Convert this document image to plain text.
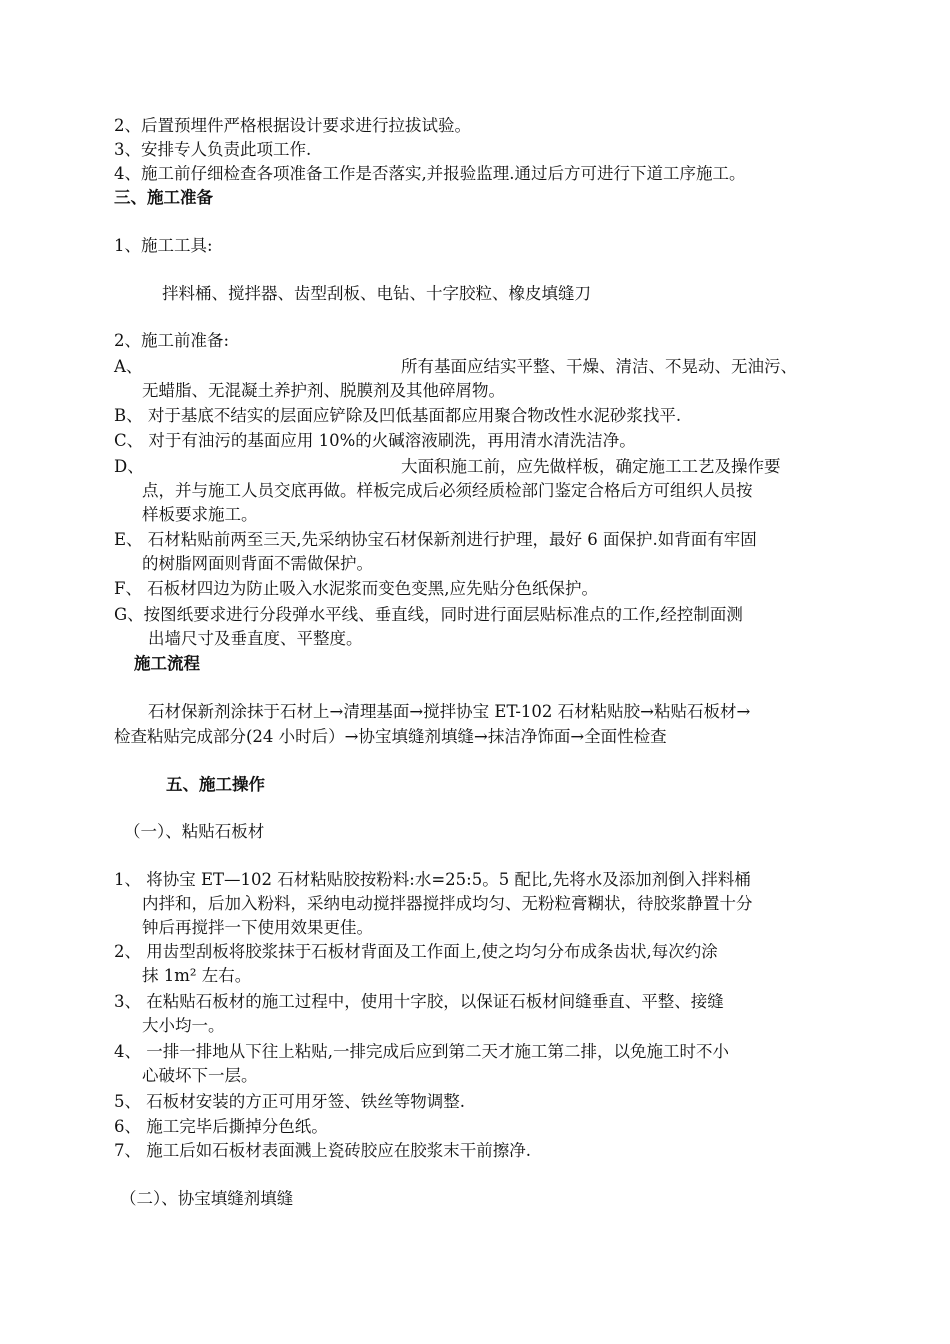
2、后置预埋件严格根据设计要求进行拉拔试验。
3、安排专人负责此项工作.
4、施工前仔细检查各项准备工作是否落实,并报验监理.通过后方可进行下道工序施工。
三、施工准备
1、施工工具:
拌料桶、搅拌器、齿型刮板、电钻、十字胶粒、橡皮填缝刀
2、施工前准备:
A、	所有基面应结实平整、干燥、清洁、不晃动、无油污、
无蜡脂、无混凝土养护剂、脱膜剂及其他碎屑物。
B、 对于基底不结实的层面应铲除及凹低基面都应用聚合物改性水泥砂浆找平.
C、 对于有油污的基面应用 10%的火碱溶液刷洗，再用清水清洗洁净。
D、	大面积施工前，应先做样板，确定施工工艺及操作要
点，并与施工人员交底再做。样板完成后必须经质检部门鉴定合格后方可组织人员按
样板要求施工。
E、 石材粘贴前两至三天,先采纳协宝石材保新剂进行护理，最好 6 面保护.如背面有牢固
的树脂网面则背面不需做保护。
F、 石板材四边为防止吸入水泥浆而变色变黑,应先贴分色纸保护。
G、按图纸要求进行分段弹水平线、垂直线，同时进行面层贴标准点的工作,经控制面测
出墙尺寸及垂直度、平整度。
施工流程
石材保新剂涂抹于石材上→清理基面→搅拌协宝 ET-102 石材粘贴胶→粘贴石板材→
检查粘贴完成部分(24 小时后）→协宝填缝剂填缝→抹洁净饰面→全面性检查
五、施工操作
（一）、粘贴石板材
1、 将协宝 ET—102 石材粘贴胶按粉料:水=25:5。5 配比,先将水及添加剂倒入拌料桶
内拌和，后加入粉料，采纳电动搅拌器搅拌成均匀、无粉粒膏糊状，待胶浆静置十分
钟后再搅拌一下使用效果更佳。
2、 用齿型刮板将胶浆抹于石板材背面及工作面上,使之均匀分布成条齿状,每次约涂
抹 1m² 左右。
3、 在粘贴石板材的施工过程中，使用十字胶，以保证石板材间缝垂直、平整、接缝
大小均一。
4、 一排一排地从下往上粘贴,一排完成后应到第二天才施工第二排，以免施工时不小
心破坏下一层。
5、 石板材安装的方正可用牙签、铁丝等物调整.
6、 施工完毕后撕掉分色纸。
7、 施工后如石板材表面溅上瓷砖胶应在胶浆末干前擦净.
（二）、协宝填缝剂填缝
